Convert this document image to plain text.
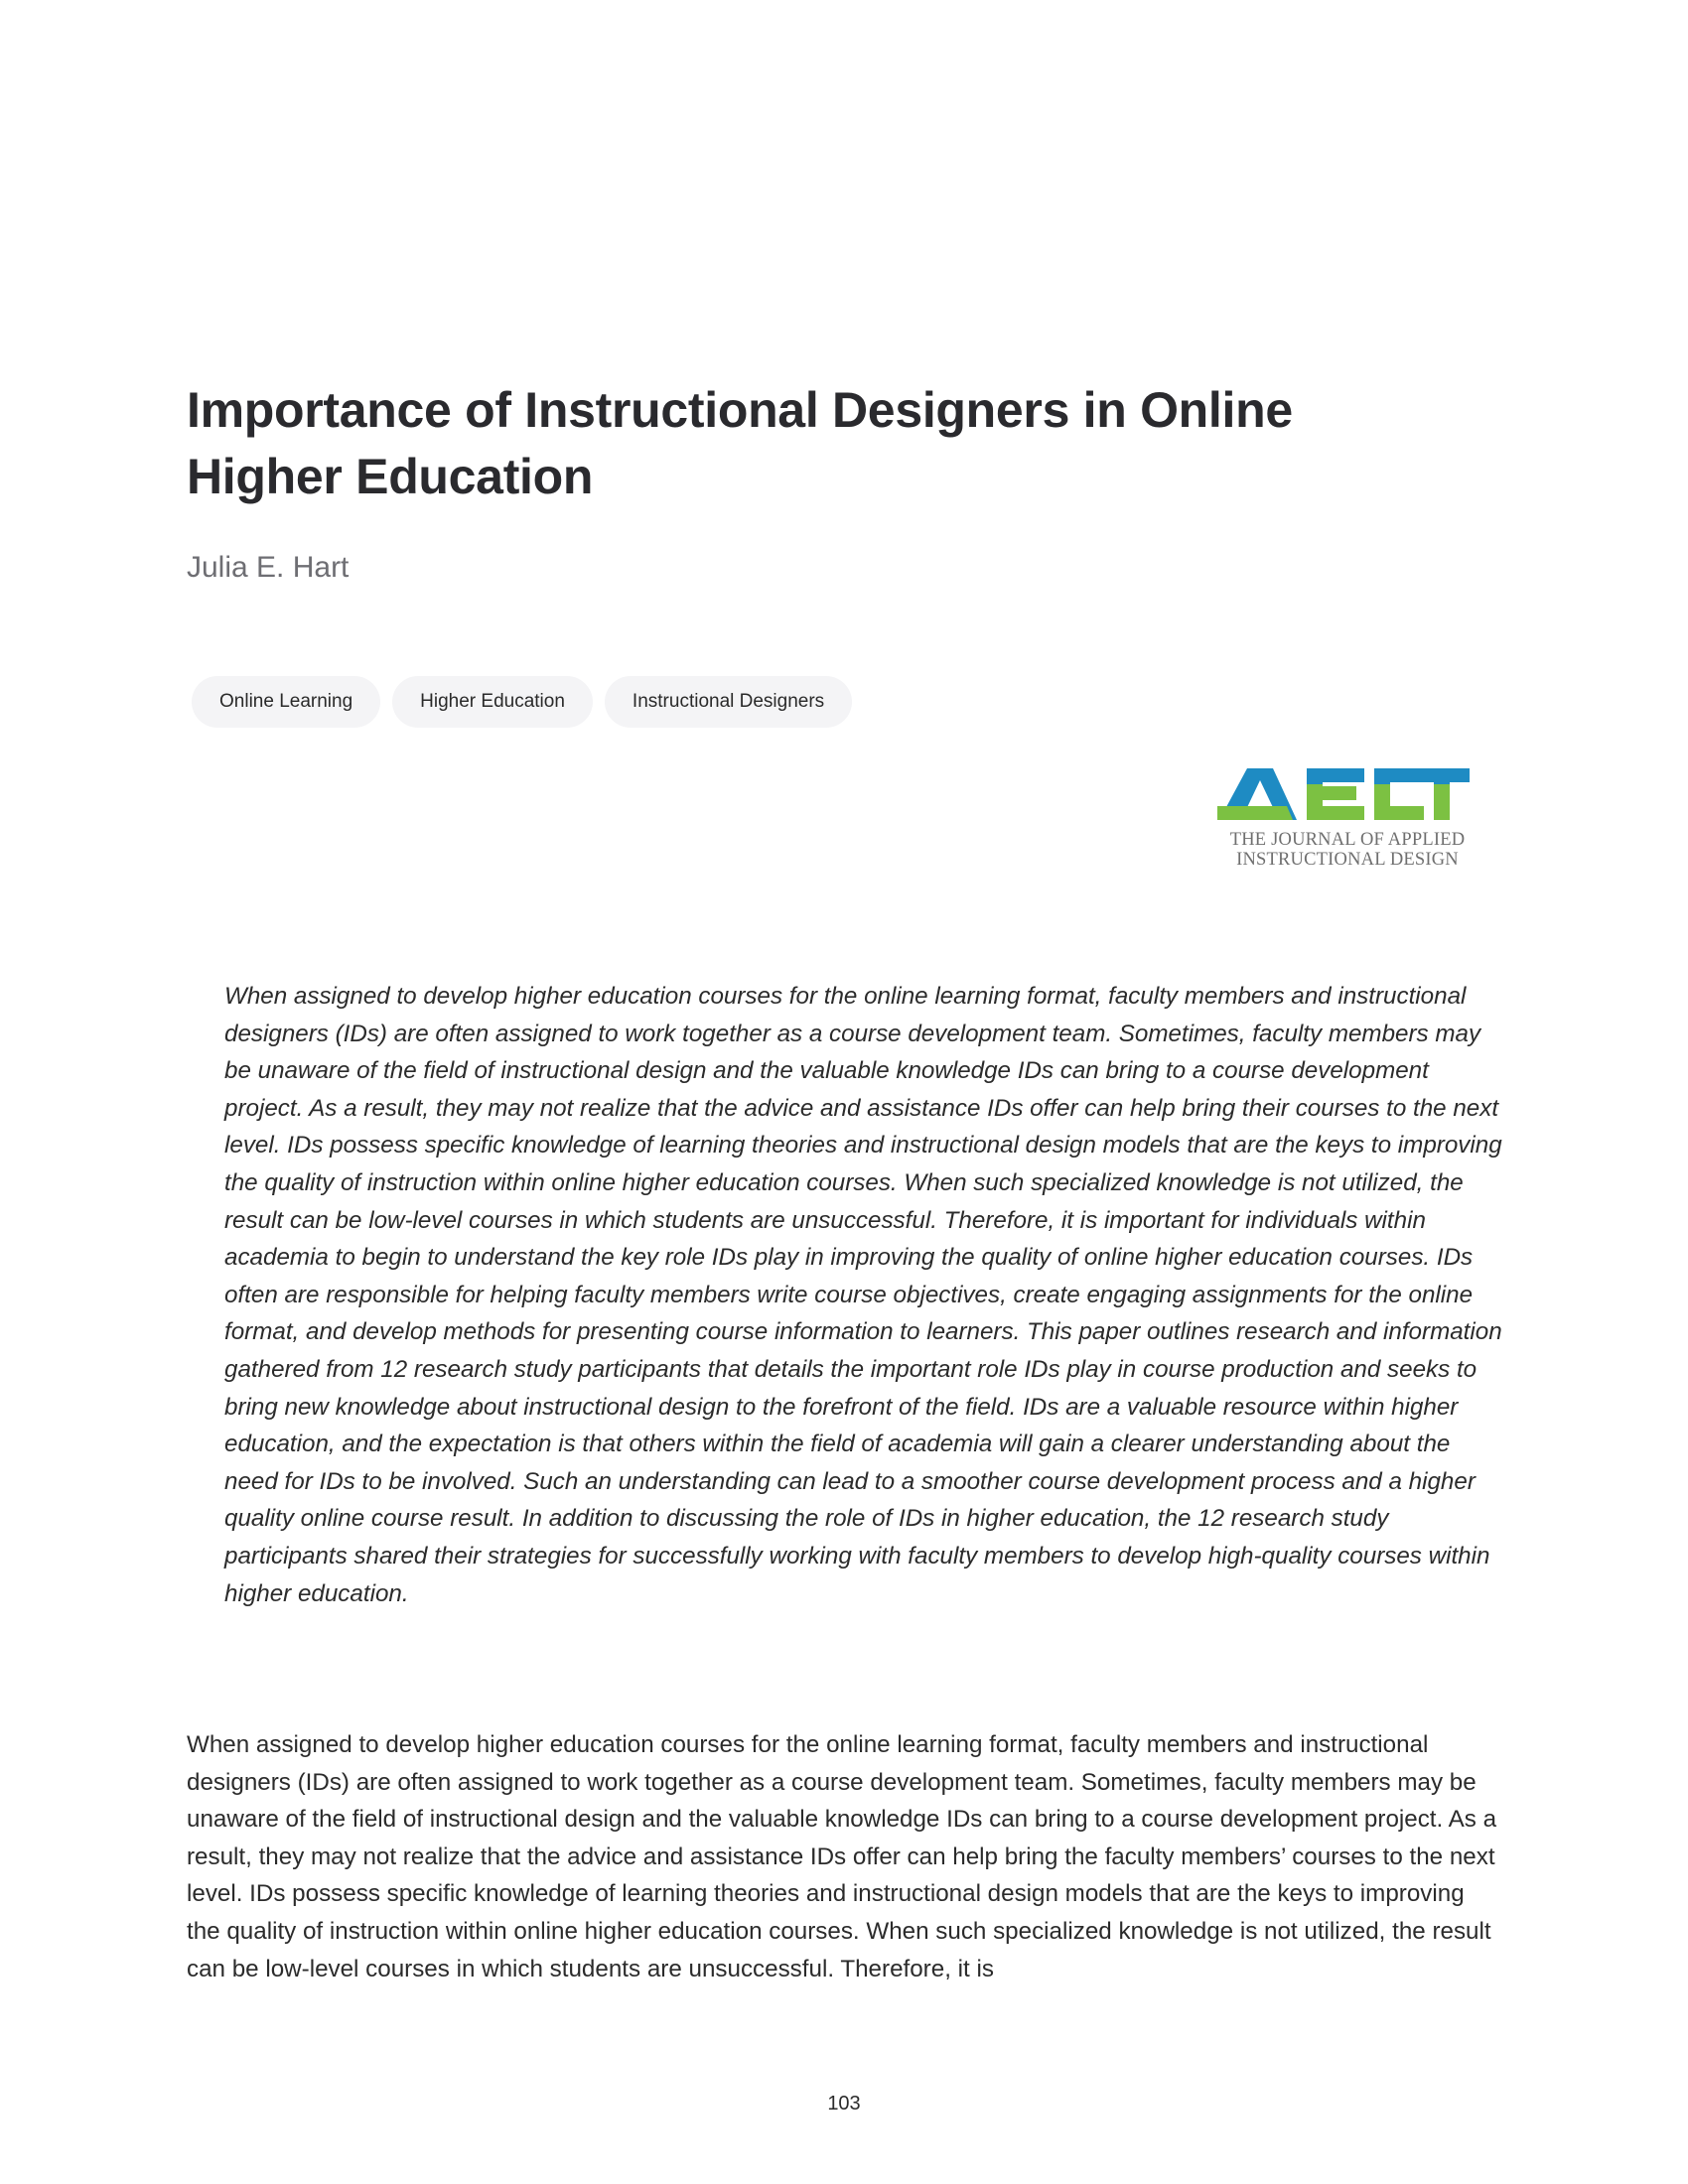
Importance of Instructional Designers in Online
Higher Education

Julia E. Hart

Online Learning	Higher Education	Instructional Designers
THE JOURNAL OF APPLIED
INSTRUCTIONAL DESIGN

When assigned to develop higher education courses for the online learning format, faculty members and instructional designers (IDs) are often assigned to work together as a course development team. Sometimes, faculty members may be unaware of the field of instructional design and the valuable knowledge IDs can bring to a course development project. As a result, they may not realize that the advice and assistance IDs offer can help bring their courses to the next level. IDs possess specific knowledge of learning theories and instructional design models that are the keys to improving the quality of instruction within online higher education courses. When such specialized knowledge is not utilized, the result can be low-level courses in which students are unsuccessful. Therefore, it is important for individuals within academia to begin to understand the key role IDs play in improving the quality of online higher education courses. IDs often are responsible for helping faculty members write course objectives, create engaging assignments for the online format, and develop methods for presenting course information to learners. This paper outlines research and information gathered from 12 research study participants that details the important role IDs play in course production and seeks to bring new knowledge about instructional design to the forefront of the field. IDs are a valuable resource within higher education, and the expectation is that others within the field of academia will gain a clearer understanding about the need for IDs to be involved. Such an understanding can lead to a smoother course development process and a higher quality online course result. In addition to discussing the role of IDs in higher education, the 12 research study participants shared their strategies for successfully working with faculty members to develop high-quality courses within higher education.

When assigned to develop higher education courses for the online learning format, faculty members and instructional designers (IDs) are often assigned to work together as a course development team. Sometimes, faculty members may be unaware of the field of instructional design and the valuable knowledge IDs can bring to a course development project. As a result, they may not realize that the advice and assistance IDs offer can help bring the faculty members’ courses to the next level. IDs possess specific knowledge of learning theories and instructional design models that are the keys to improving the quality of instruction within online higher education courses. When such specialized knowledge is not utilized, the result can be low-level courses in which students are unsuccessful. Therefore, it is

103
